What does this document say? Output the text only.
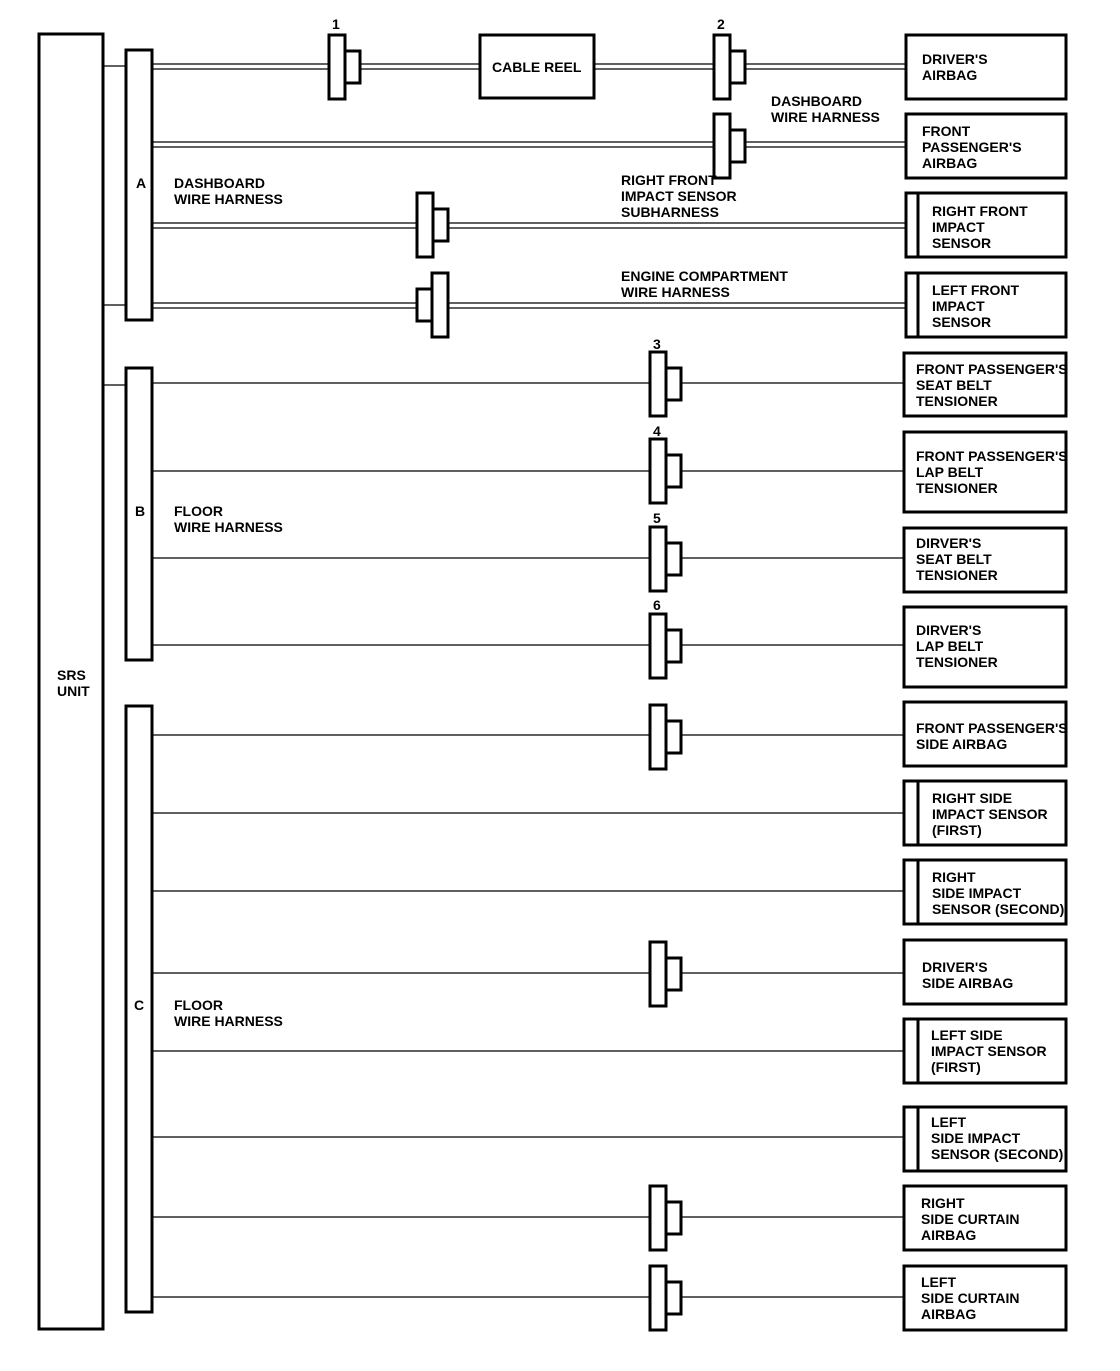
SRS
UNIT
A DASHBOARD
WIRE HARNESS
B FLOOR
WIRE HARNESS
C FLOOR
WIRE HARNESS
CABLE REEL
1	2
3
4
5
6
DASHBOARD
WIRE HARNESS
RIGHT FRONT
IMPACT SENSOR
SUBHARNESS
ENGINE COMPARTMENT
WIRE HARNESS
DRIVER'S
AIRBAG
FRONT
PASSENGER'S
AIRBAG
RIGHT FRONT
IMPACT
SENSOR
LEFT FRONT
IMPACT
SENSOR
FRONT PASSENGER'S
SEAT BELT
TENSIONER
FRONT PASSENGER'S
LAP BELT
TENSIONER
DIRVER'S
SEAT BELT
TENSIONER
DIRVER'S
LAP BELT
TENSIONER
FRONT PASSENGER'S
SIDE AIRBAG
RIGHT SIDE
IMPACT SENSOR
(FIRST)
RIGHT
SIDE IMPACT
SENSOR (SECOND)
DRIVER'S
SIDE AIRBAG
LEFT SIDE
IMPACT SENSOR
(FIRST)
LEFT
SIDE IMPACT
SENSOR (SECOND)
RIGHT
SIDE CURTAIN
AIRBAG
LEFT
SIDE CURTAIN
AIRBAG
